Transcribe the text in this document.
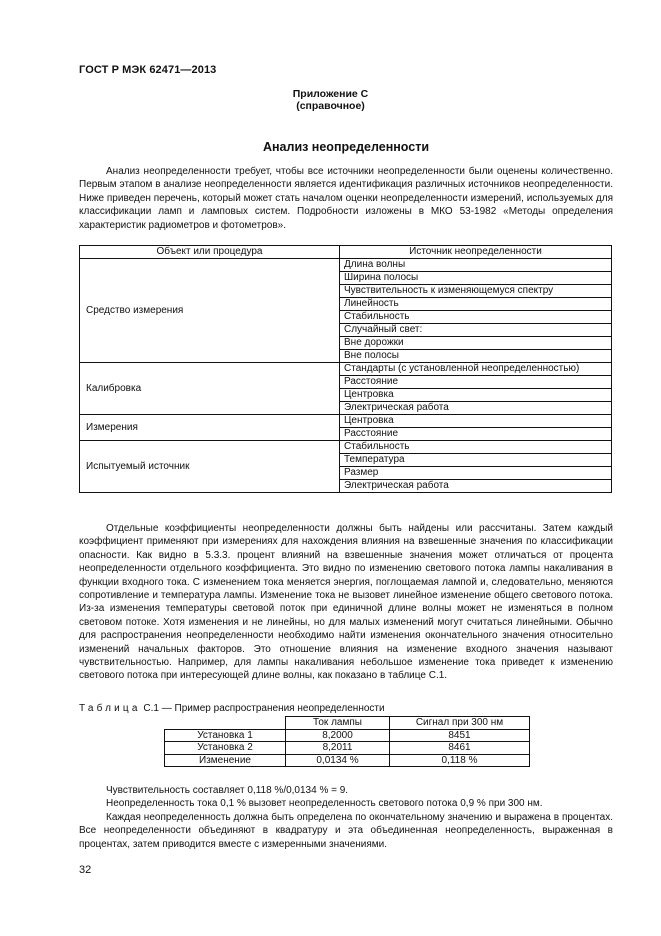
ГОСТ Р МЭК 62471—2013
Приложение С
(справочное)
Анализ неопределенности

Анализ неопределенности требует, чтобы все источники неопределенности были оценены количественно. Первым этапом в анализе неопределенности является идентификация различных источников неопределенности. Ниже приведен перечень, который может стать началом оценки неопределенности измерений, используемых для классификации ламп и ламповых систем. Подробности изложены в МКО 53-1982 «Методы определения характеристик радиометров и фотометров».

Объект или процедура	Источник неопределенности
Средство измерения	Длина волны
	Ширина полосы
	Чувствительность к изменяющемуся спектру
	Линейность
	Стабильность
	Случайный свет:
	Вне дорожки
	Вне полосы
Калибровка	Стандарты (с установленной неопределенностью)
	Расстояние
	Центровка
	Электрическая работа
Измерения	Центровка
	Расстояние
Испытуемый источник	Стабильность
	Температура
	Размер
	Электрическая работа

Отдельные коэффициенты неопределенности должны быть найдены или рассчитаны. Затем каждый коэффициент применяют при измерениях для нахождения влияния на взвешенные значения по классификации опасности. Как видно в 5.3.3. процент влияний на взвешенные значения может отличаться от процента неопределенности отдельного коэффициента. Это видно по изменению светового потока лампы накаливания в функции входного тока. С изменением тока меняется энергия, поглощаемая лампой и, следовательно, меняются сопротивление и температура лампы. Изменение тока не вызовет линейное изменение общего светового потока. Из-за изменения температуры световой поток при единичной длине волны может не изменяться в полном световом потоке. Хотя изменения и не линейны, но для малых изменений могут считаться линейными. Обычно для распространения неопределенности необходимо найти изменения окончательного значения относительно изменений начальных факторов. Это отношение влияния на изменение входного значения называют чувствительностью. Например, для лампы накаливания небольшое изменение тока приведет к изменению светового потока при интересующей длине волны, как показано в таблице С.1.

Таблица С.1 — Пример распространения неопределенности
	Ток лампы	Сигнал при 300 нм
Установка 1	8,2000	8451
Установка 2	8,2011	8461
Изменение	0,0134 %	0,118 %

Чувствительность составляет 0,118 %/0,0134 % = 9.

Неопределенность тока 0,1 % вызовет неопределенность светового потока 0,9 % при 300 нм.

Каждая неопределенность должна быть определена по окончательному значению и выражена в процентах. Все неопределенности объединяют в квадратуру и эта объединенная неопределенность, выраженная в процентах, затем приводится вместе с измеренными значениями.

32
